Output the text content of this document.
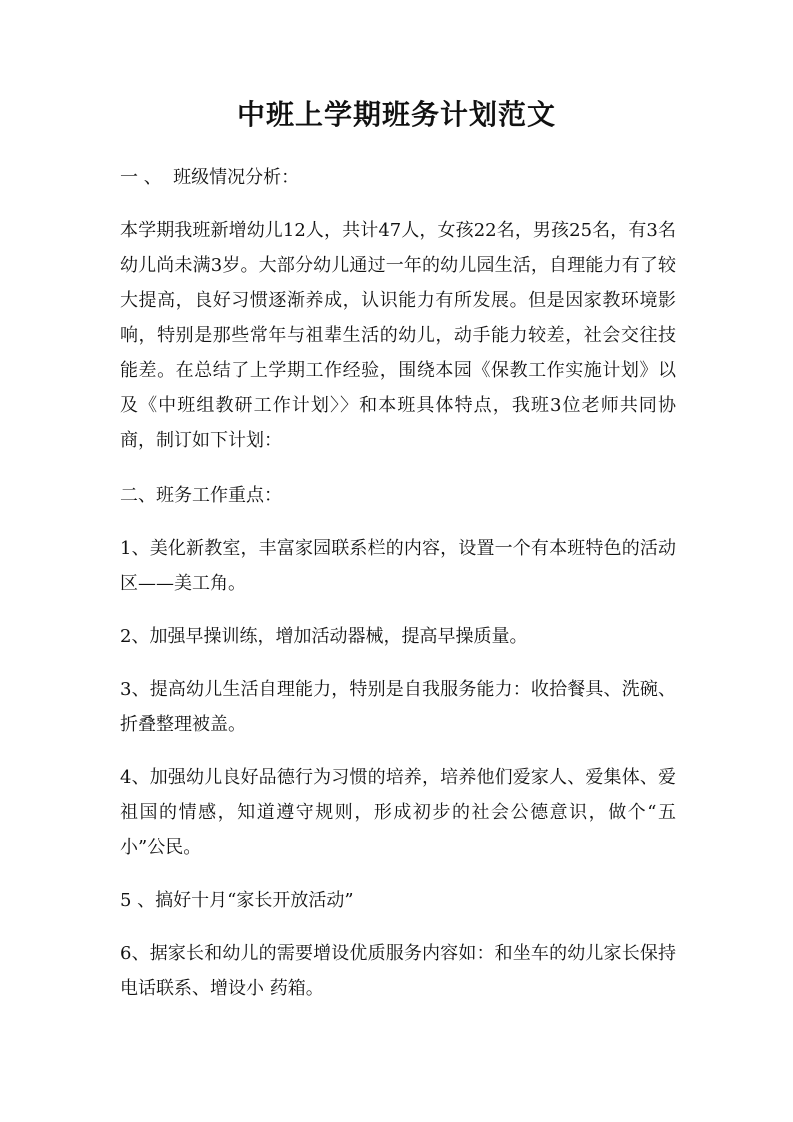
中班上学期班务计划范文

一 、  班级情况分析：

本学期我班新增幼儿12人，共计47人，女孩22名，男孩25名，有3名幼儿尚未满3岁。大部分幼儿通过一年的幼儿园生活，自理能力有了较大提高，良好习惯逐渐养成，认识能力有所发展。但是因家教环境影响，特别是那些常年与祖辈生活的幼儿，动手能力较差，社会交往技能差。在总结了上学期工作经验，围绕本园《保教工作实施计划》以及《中班组教研工作计划〉〉和本班具体特点，我班3位老师共同协商，制订如下计划：

二、班务工作重点：

1、美化新教室，丰富家园联系栏的内容，设置一个有本班特色的活动区——美工角。

2、加强早操训练，增加活动器械，提高早操质量。

3、提高幼儿生活自理能力，特别是自我服务能力：收拾餐具、洗碗、折叠整理被盖。

4、加强幼儿良好品德行为习惯的培养，培养他们爱家人、爱集体、爱祖国的情感，知道遵守规则，形成初步的社会公德意识，做个“五小”公民。

5 、搞好十月“家长开放活动”

6、据家长和幼儿的需要增设优质服务内容如：和坐车的幼儿家长保持电话联系、增设小 药箱。
